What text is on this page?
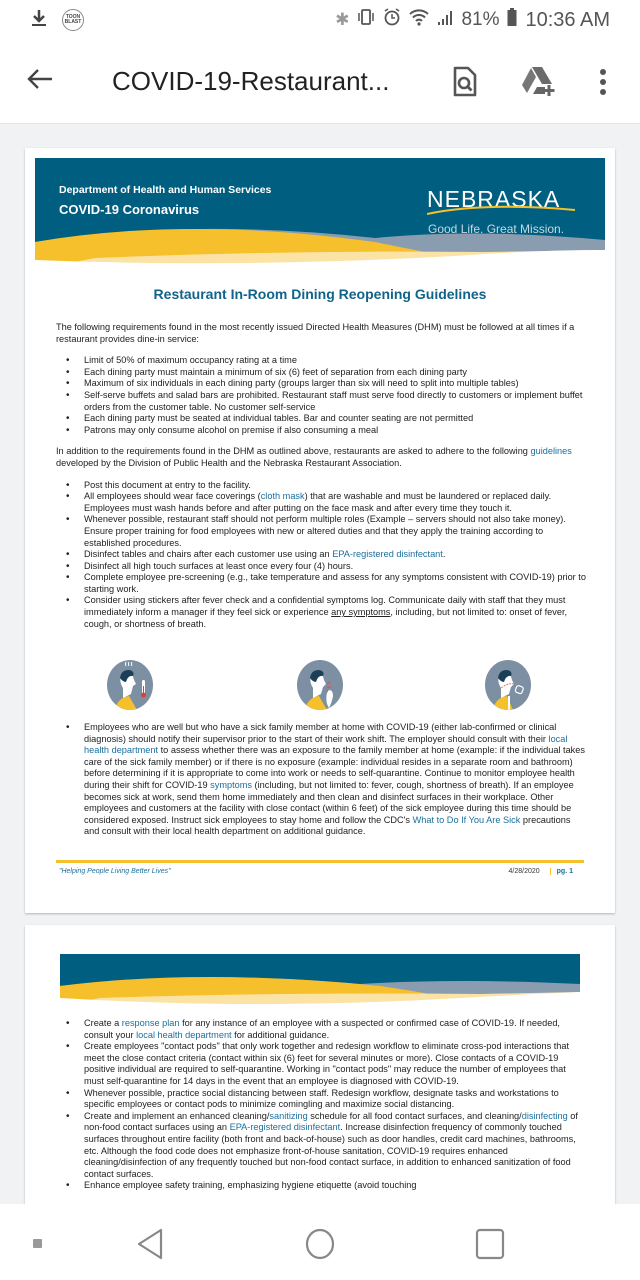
TOON BLAST	✱	81% 10:36 AM
COVID-19-Restaurant...
Department of Health and Human Services
COVID-19 Coronavirus	NEBRASKA
Good Life. Great Mission.
Restaurant In-Room Dining Reopening Guidelines

The following requirements found in the most recently issued Directed Health Measures (DHM) must be followed at all times if a restaurant provides dine-in service:

• Limit of 50% of maximum occupancy rating at a time
• Each dining party must maintain a minimum of six (6) feet of separation from each dining party
• Maximum of six individuals in each dining party (groups larger than six will need to split into multiple tables)
• Self-serve buffets and salad bars are prohibited. Restaurant staff must serve food directly to customers or implement buffet orders from the customer table. No customer self-service
• Each dining party must be seated at individual tables. Bar and counter seating are not permitted
• Patrons may only consume alcohol on premise if also consuming a meal

In addition to the requirements found in the DHM as outlined above, restaurants are asked to adhere to the following guidelines developed by the Division of Public Health and the Nebraska Restaurant Association.

• Post this document at entry to the facility.
• All employees should wear face coverings (cloth mask) that are washable and must be laundered or replaced daily. Employees must wash hands before and after putting on the face mask and after every time they touch it.
• Whenever possible, restaurant staff should not perform multiple roles (Example – servers should not also take money). Ensure proper training for food employees with new or altered duties and that they apply the training according to established procedures.
• Disinfect tables and chairs after each customer use using an EPA-registered disinfectant.
• Disinfect all high touch surfaces at least once every four (4) hours.
• Complete employee pre-screening (e.g., take temperature and assess for any symptoms consistent with COVID-19) prior to starting work.
• Consider using stickers after fever check and a confidential symptoms log. Communicate daily with staff that they must immediately inform a manager if they feel sick or experience any symptoms, including, but not limited to: onset of fever, cough, or shortness of breath.
• Employees who are well but who have a sick family member at home with COVID-19 (either lab-confirmed or clinical diagnosis) should notify their supervisor prior to the start of their work shift. The employer should consult with their local health department to assess whether there was an exposure to the family member at home (example: if the individual takes care of the sick family member) or if there is no exposure (example: individual resides in a separate room and bathroom) before determining if it is appropriate to come into work or needs to self-quarantine. Continue to monitor employee health during their shift for COVID-19 symptoms (including, but not limited to: fever, cough, shortness of breath). If an employee becomes sick at work, send them home immediately and then clean and disinfect surfaces in their workplace. Other employees and customers at the facility with close contact (within 6 feet) of the sick employee during this time should be considered exposed. Instruct sick employees to stay home and follow the CDC's What to Do If You Are Sick precautions and consult with their local health department on additional guidance.
"Helping People Living Better Lives"	4/28/2020 pg. 1
• Create a response plan for any instance of an employee with a suspected or confirmed case of COVID-19. If needed, consult your local health department for additional guidance.
• Create employees "contact pods" that only work together and redesign workflow to eliminate cross-pod interactions that meet the close contact criteria (contact within six (6) feet for several minutes or more). Close contacts of a COVID-19 positive individual are required to self-quarantine. Working in "contact pods" may reduce the number of employees that must self-quarantine for 14 days in the event that an employee is diagnosed with COVID-19.
• Whenever possible, practice social distancing between staff. Redesign workflow, designate tasks and workstations to specific employees or contact pods to minimize comingling and maximize social distancing.
• Create and implement an enhanced cleaning/sanitizing schedule for all food contact surfaces, and cleaning/disinfecting of non-food contact surfaces using an EPA-registered disinfectant. Increase disinfection frequency of commonly touched surfaces throughout entire facility (both front and back-of-house) such as door handles, credit card machines, bathrooms, etc. Although the food code does not emphasize front-of-house sanitation, COVID-19 requires enhanced cleaning/disinfection of any frequently touched but non-food contact surface, in addition to enhanced sanitization of food contact surfaces.
• Enhance employee safety training, emphasizing hygiene etiquette (avoid touching
